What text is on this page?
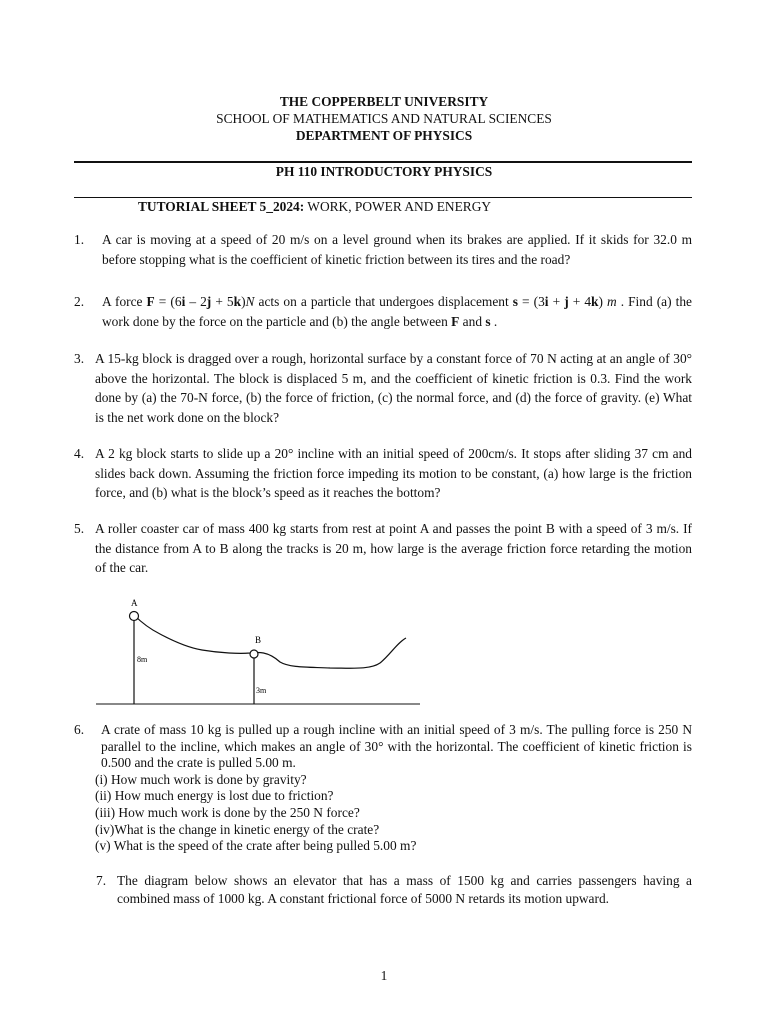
THE COPPERBELT UNIVERSITY
SCHOOL OF MATHEMATICS AND NATURAL SCIENCES
DEPARTMENT OF PHYSICS
PH 110 INTRODUCTORY PHYSICS
TUTORIAL SHEET 5_2024: WORK, POWER AND ENERGY
1. A car is moving at a speed of 20 m/s on a level ground when its brakes are applied. If it skids for 32.0 m before stopping what is the coefficient of kinetic friction between its tires and the road?

2. A force F = (6i – 2j + 5k)N acts on a particle that undergoes displacement s = (3i + j + 4k) m . Find (a) the work done by the force on the particle and (b) the angle between F and s .

3. A 15-kg block is dragged over a rough, horizontal surface by a constant force of 70 N acting at an angle of 30° above the horizontal. The block is displaced 5 m, and the coefficient of kinetic friction is 0.3. Find the work done by (a) the 70-N force, (b) the force of friction, (c) the normal force, and (d) the force of gravity. (e) What is the net work done on the block?

4. A 2 kg block starts to slide up a 20° incline with an initial speed of 200cm/s. It stops after sliding 37 cm and slides back down. Assuming the friction force impeding its motion to be constant, (a) how large is the friction force, and (b) what is the block’s speed as it reaches the bottom?

5. A roller coaster car of mass 400 kg starts from rest at point A and passes the point B with a speed of 3 m/s. If the distance from A to B along the tracks is 20 m, how large is the average friction force retarding the motion of the car.

A
B
8m
3m
6. A crate of mass 10 kg is pulled up a rough incline with an initial speed of 3 m/s. The pulling force is 250 N parallel to the incline, which makes an angle of 30° with the horizontal. The coefficient of kinetic friction is 0.500 and the crate is pulled 5.00 m.

(i) How much work is done by gravity?
(ii) How much energy is lost due to friction?
(iii) How much work is done by the 250 N force?
(iv)What is the change in kinetic energy of the crate?
(v) What is the speed of the crate after being pulled 5.00 m?
7. The diagram below shows an elevator that has a mass of 1500 kg and carries passengers having a combined mass of 1000 kg. A constant frictional force of 5000 N retards its motion upward.

1
